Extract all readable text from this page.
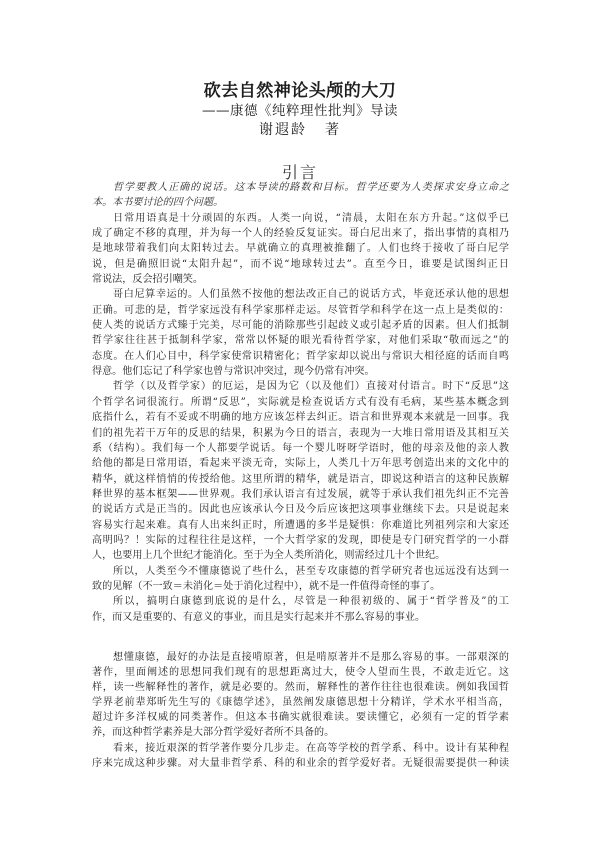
砍去自然神论头颅的大刀
——康德《纯粹理性批判》导读
谢遐龄 著
引言
哲学要教人正确的说话。这本导读的路数和目标。哲学还要为人类探求安身立命之
本。本书要讨论的四个问题。
日常用语真是十分顽固的东西。人类一向说，“清晨，太阳在东方升起。”这似乎已
成了确定不移的真理，并为每一个人的经验反复证实。哥白尼出来了，指出事情的真相乃
是地球带着我们向太阳转过去。早就确立的真理被推翻了。人们也终于接收了哥白尼学
说，但是确照旧说“太阳升起”，而不说“地球转过去”。直至今日，谁要是试图纠正日
常说法，反会招引嘲笑。
哥白尼算幸运的。人们虽然不按他的想法改正自己的说话方式，毕竟还承认他的思想
正确。可悲的是，哲学家远没有科学家那样走运。尽管哲学和科学在这一点上是类似的：
使人类的说话方式臻于完美，尽可能的消除那些引起歧义或引起矛盾的因素。但人们抵制
哲学家往往甚于抵制科学家，常常以怀疑的眼光看待哲学家，对他们采取“敬而远之”的
态度。在人们心目中，科学家使常识精密化；哲学家却以说出与常识大相径庭的话而自鸣
得意。他们忘记了科学家也曾与常识冲突过，现今仍常有冲突。
哲学（以及哲学家）的厄运，是因为它（以及他们）直接对付语言。时下“反思”这
个哲学名词很流行。所谓“反思”，实际就是检查说话方式有没有毛病，某些基本概念到
底指什么，若有不妥或不明确的地方应该怎样去纠正。语言和世界观本来就是一回事。我
们的祖先若干万年的反思的结果，积累为今日的语言，表现为一大堆日常用语及其相互关
系（结构）。我们每一个人都要学说话。每一个婴儿呀呀学语时，他的母亲及他的亲人教
给他的都是日常用语，看起来平淡无奇，实际上，人类几十万年思考创造出来的文化中的
精华，就这样悄悄的传授给他。这里所谓的精华，就是语言，即说这种语言的这种民族解
释世界的基本框架——世界观。我们承认语言有过发展，就等于承认我们祖先纠正不完善
的说话方式是正当的。因此也应该承认今日及今后应该把这项事业继续下去。只是说起来
容易实行起来难。真有人出来纠正时，所遭遇的多半是疑惧：你难道比列祖列宗和大家还
高明吗？！实际的过程往往是这样，一个大哲学家的发现，即使是专门研究哲学的一小群
人，也要用上几个世纪才能消化。至于为全人类所消化，则需经过几十个世纪。
所以，人类至今不懂康德说了些什么，甚至专攻康德的哲学研究者也远远没有达到一
致的见解（不一致＝未消化＝处于消化过程中），就不是一件值得奇怪的事了。
所以，搞明白康德到底说的是什么，尽管是一种很初级的、属于“哲学普及”的工
作，而又是重要的、有意义的事业，而且是实行起来并不那么容易的事业。
想懂康德，最好的办法是直接啃原著，但是啃原著并不是那么容易的事。一部艰深的
著作，里面阐述的思想同我们现有的思想距离过大，使令人望而生畏，不敢走近它。这
样，读一些解释性的著作，就是必要的。然而，解释性的著作往往也很难读。例如我国哲
学界老前辈郑昕先生写的《康德学述》，虽然阐发康德思想十分精详，学术水平相当高，
超过许多洋权威的同类著作。但这本书确实就很难读。要读懂它，必须有一定的哲学素
养，而这种哲学素养是大部分哲学爱好者所不具备的。
看来，接近艰深的哲学著作要分几步走。在高等学校的哲学系、科中。设计有某种程
序来完成这种步骤。对大量非哲学系、科的和业余的哲学爱好者。无疑很需要提供一种读
